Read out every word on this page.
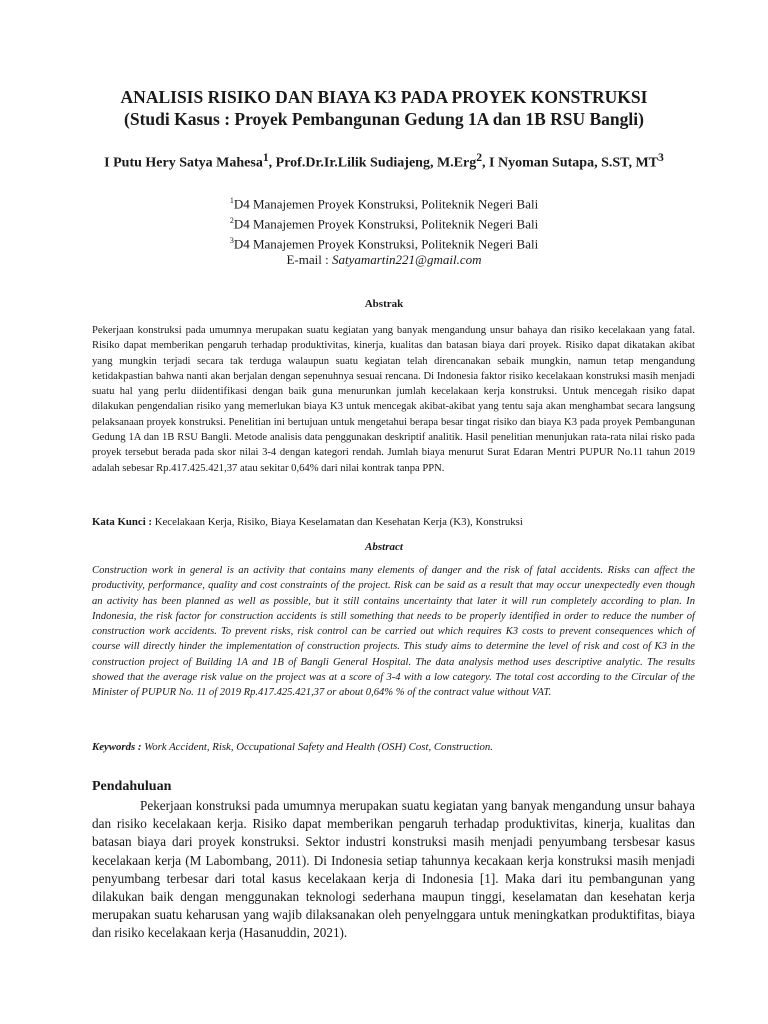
ANALISIS RISIKO DAN BIAYA K3 PADA PROYEK KONSTRUKSI
(Studi Kasus : Proyek Pembangunan Gedung 1A dan 1B RSU Bangli)
I Putu Hery Satya Mahesa$^1$, Prof.Dr.Ir.Lilik Sudiajeng, M.Erg$^2$, I Nyoman Sutapa, S.ST, $MT^3$
$^1$D4 Manajemen Proyek Konstruksi, Politeknik Negeri Bali
$^2$D4 Manajemen Proyek Konstruksi, Politeknik Negeri Bali
$^3$D4 Manajemen Proyek Konstruksi, Politeknik Negeri Bali
E-mail : Satyamartin221@gmail.com
Abstrak
Pekerjaan konstruksi pada umumnya merupakan suatu kegiatan yang banyak mengandung unsur bahaya dan risiko kecelakaan yang fatal. Risiko dapat memberikan pengaruh terhadap produktivitas, kinerja, kualitas dan batasan biaya dari proyek. Risiko dapat dikatakan akibat yang mungkin terjadi secara tak terduga walaupun suatu kegiatan telah direncanakan sebaik mungkin, namun tetap mengandung ketidakpastian bahwa nanti akan berjalan dengan sepenuhnya sesuai rencana. Di Indonesia faktor risiko kecelakaan konstruksi masih menjadi suatu hal yang perlu diidentifikasi dengan baik guna menurunkan jumlah kecelakaan kerja konstruksi. Untuk mencegah risiko dapat dilakukan pengendalian risiko yang memerlukan biaya K3 untuk mencegak akibat-akibat yang tentu saja akan menghambat secara langsung pelaksanaan proyek konstruksi. Penelitian ini bertujuan untuk mengetahui berapa besar tingat risiko dan biaya K3 pada proyek Pembangunan Gedung 1A dan 1B RSU Bangli. Metode analisis data penggunakan deskriptif analitik. Hasil penelitian menunjukan rata-rata nilai risko pada proyek tersebut berada pada skor nilai 3-4 dengan kategori rendah. Jumlah biaya menurut Surat Edaran Mentri PUPUR No.11 tahun 2019 adalah sebesar Rp.417.425.421,37 atau sekitar 0,64% dari nilai kontrak tanpa PPN.
Kata Kunci : Kecelakaan Kerja, Risiko, Biaya Keselamatan dan Kesehatan Kerja (K3), Konstruksi
Abstract
Construction work in general is an activity that contains many elements of danger and the risk of fatal accidents. Risks can affect the productivity, performance, quality and cost constraints of the project. Risk can be said as a result that may occur unexpectedly even though an activity has been planned as well as possible, but it still contains uncertainty that later it will run completely according to plan. In Indonesia, the risk factor for construction accidents is still something that needs to be properly identified in order to reduce the number of construction work accidents. To prevent risks, risk control can be carried out which requires K3 costs to prevent consequences which of course will directly hinder the implementation of construction projects. This study aims to determine the level of risk and cost of K3 in the construction project of Building 1A and 1B of Bangli General Hospital. The data analysis method uses descriptive analytic. The results showed that the average risk value on the project was at a score of 3-4 with a low category. The total cost according to the Circular of the Minister of PUPUR No. 11 of 2019 Rp.417.425.421,37 or about 0,64% % of the contract value without VAT.
Keywords : Work Accident, Risk, Occupational Safety and Health (OSH) Cost, Construction.
Pendahuluan
Pekerjaan konstruksi pada umumnya merupakan suatu kegiatan yang banyak mengandung unsur bahaya dan risiko kecelakaan kerja. Risiko dapat memberikan pengaruh terhadap produktivitas, kinerja, kualitas dan batasan biaya dari proyek konstruksi. Sektor industri konstruksi masih menjadi penyumbang tersbesar kasus kecelakaan kerja (M Labombang, 2011). Di Indonesia setiap tahunnya kecakaan kerja konstruksi masih menjadi penyumbang terbesar dari total kasus kecelakaan kerja di Indonesia [1]. Maka dari itu pembangunan yang dilakukan baik dengan menggunakan teknologi sederhana maupun tinggi, keselamatan dan kesehatan kerja merupakan suatu keharusan yang wajib dilaksanakan oleh penyelnggara untuk meningkatkan produktifitas, biaya dan risiko kecelakaan kerja (Hasanuddin, 2021).
